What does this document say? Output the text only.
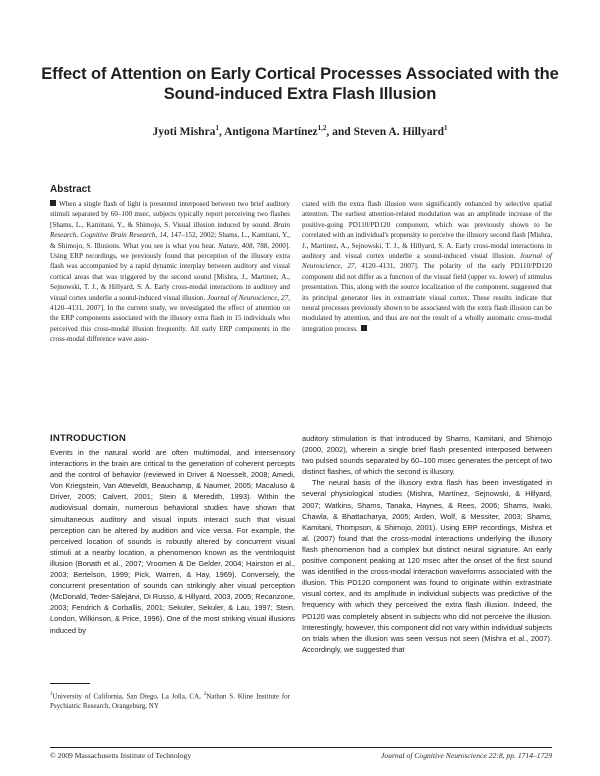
Effect of Attention on Early Cortical Processes Associated with the Sound-induced Extra Flash Illusion
Jyoti Mishra$^1$, Antigona Martínez$^{1,2}$, and Steven A. Hillyard$^1$
Abstract
When a single flash of light is presented interposed between two brief auditory stimuli separated by 60–100 msec, subjects typically report perceiving two flashes [Shams, L., Kamitani, Y., & Shimojo, S. Visual illusion induced by sound. Brain Research, Cognitive Brain Research, 14, 147–152, 2002; Shams, L., Kamitani, Y., & Shimojo, S. Illusions. What you see is what you hear. Nature, 408, 788, 2000]. Using ERP recordings, we previously found that perception of the illusory extra flash was accompanied by a rapid dynamic interplay between auditory and visual cortical areas that was triggered by the second sound [Mishra, J., Martinez, A., Sejnowski, T. J., & Hillyard, S. A. Early cross-modal interactions in auditory and visual cortex underlie a sound-induced visual illusion. Journal of Neuroscience, 27, 4120–4131, 2007]. In the current study, we investigated the effect of attention on the ERP components associated with the illusory extra flash in 15 individuals who perceived this cross-modal illusion frequently. All early ERP components in the cross-modal difference wave asso-
ciated with the extra flash illusion were significantly enhanced by selective spatial attention. The earliest attention-related modulation was an amplitude increase of the positive-going PD110/PD120 component, which was previously shown to be correlated with an individual's propensity to perceive the illusory second flash [Mishra, J., Martinez, A., Sejnowski, T. J., & Hillyard, S. A. Early cross-modal interactions in auditory and visual cortex underlie a sound-induced visual illusion. Journal of Neuroscience, 27, 4120–4131, 2007]. The polarity of the early PD110/PD120 component did not differ as a function of the visual field (upper vs. lower) of stimulus presentation. This, along with the source localization of the component, suggested that its principal generator lies in extrastriate visual cortex. These results indicate that neural processes previously shown to be associated with the extra flash illusion can be modulated by attention, and thus are not the result of a wholly automatic cross-modal integration process.
INTRODUCTION

Events in the natural world are often multimodal, and intersensory interactions in the brain are critical to the generation of coherent percepts and the control of behavior (reviewed in Driver & Noesselt, 2008; Amedi, Von Kriegstein, Van Atteveldt, Beauchamp, & Naumer, 2005; Macaluso & Driver, 2005; Calvert, 2001; Stein & Meredith, 1993). Within the audiovisual domain, numerous behavioral studies have shown that simultaneous auditory and visual inputs interact such that visual perception can be altered by audition and vice versa. For example, the perceived location of sounds is robustly altered by concurrent visual stimuli at a nearby location, a phenomenon known as the ventriloquist illusion (Bonath et al., 2007; Vroomen & De Gelder, 2004; Hairston et al., 2003; Bertelson, 1999; Pick, Warren, & Hay, 1969). Conversely, the concurrent presentation of sounds can strikingly alter visual perception (McDonald, Teder-Sälejärvi, Di Russo, & Hillyard, 2003, 2005; Recanzone, 2003; Fendrich & Corballis, 2001; Sekuler, Sekuler, & Lau, 1997; Stein, London, Wilkinson, & Price, 1996). One of the most striking visual illusions induced by

auditory stimulation is that introduced by Shams, Kamitani, and Shimojo (2000, 2002), wherein a single brief flash presented interposed between two pulsed sounds separated by 60–100 msec generates the percept of two distinct flashes, of which the second is illusory.

The neural basis of the illusory extra flash has been investigated in several physiological studies (Mishra, Martínez, Sejnowski, & Hillyard, 2007; Watkins, Shams, Tanaka, Haynes, & Rees, 2006; Shams, Iwaki, Chawla, & Bhattacharya, 2005; Arden, Wolf, & Messiter, 2003; Shams, Kamitani, Thompson, & Shimojo, 2001). Using ERP recordings, Mishra et al. (2007) found that the cross-modal interactions underlying the illusory flash phenomenon had a complex but distinct neural signature. An early positive component peaking at 120 msec after the onset of the first sound was identified in the cross-modal interaction waveforms associated with the illusion. This PD120 component was found to originate within extrastriate visual cortex, and its amplitude in individual subjects was predictive of the frequency with which they perceived the extra flash illusion. Indeed, the PD120 was completely absent in subjects who did not perceive the illusion. Interestingly, however, this component did not vary within individual subjects on trials when the illusion was seen versus not seen (Mishra et al., 2007). Accordingly, we suggested that

$^1$University of California, San Diego, La Jolla, CA, $^2$Nathan S. Kline Institute for Psychiatric Research, Orangeburg, NY
© 2009 Massachusetts Institute of Technology	Journal of Cognitive Neuroscience 22:8, pp. 1714–1729
